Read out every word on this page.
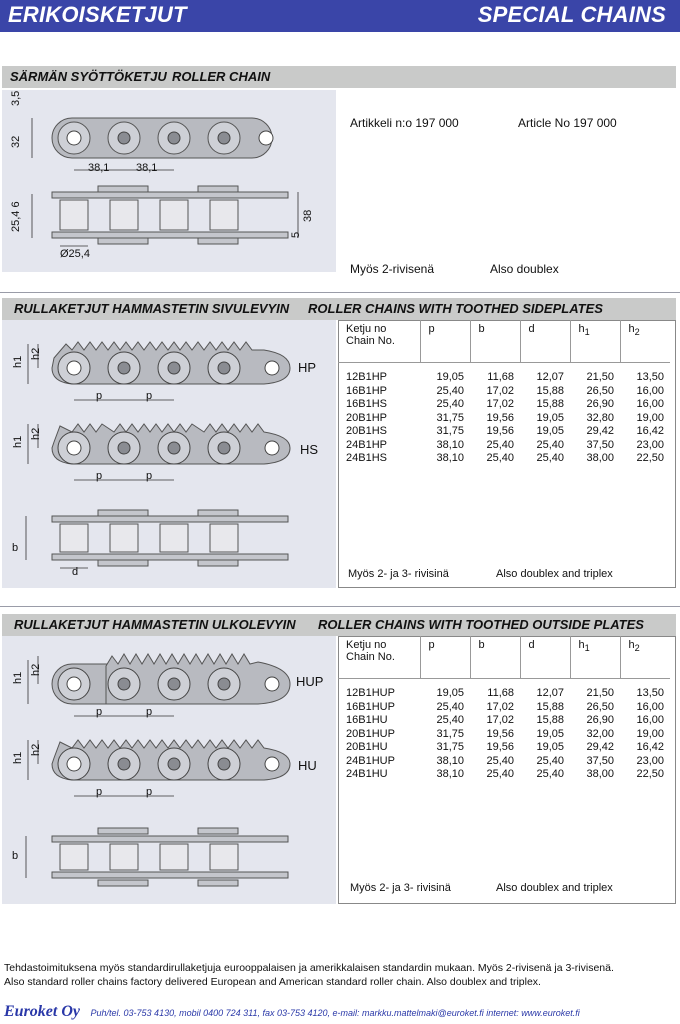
ERIKOISKETJUT	SPECIAL CHAINS
SÄRMÄN SYÖTTÖKETJU ROLLER CHAIN
3,5
32
38,1 38,1
25,4 6	38
5
Ø25,4
Artikkeli n:o 197 000	Article No 197 000
Myös 2-rivisenä	Also doublex
RULLAKETJUT HAMMASTETIN SIVULEVYIN ROLLER CHAINS WITH TOOTHED SIDEPLATES
h1
h2
HP
p	p
h1
h2
HS
p	p
b
d
Ketju no
Chain No.	p	b	d	$h_1$	$h_2$
12B1HP	19,05	11,68	12,07	21,50	13,50
16B1HP	25,40	17,02	15,88	26,50	16,00
16B1HS	25,40	17,02	15,88	26,90	16,00
20B1HP	31,75	19,56	19,05	32,80	19,00
20B1HS	31,75	19,56	19,05	29,42	16,42
24B1HP	38,10	25,40	25,40	37,50	23,00
24B1HS	38,10	25,40	25,40	38,00	22,50
Myös 2- ja 3- rivisinä	Also doublex and triplex
RULLAKETJUT HAMMASTETIN ULKOLEVYIN ROLLER CHAINS WITH TOOTHED OUTSIDE PLATES
h1
h2
HUP
p	p
h1
h2
HU
p	p
b
Ketju no
Chain No.	p	b	d	$h_1$	$h_2$
12B1HUP	19,05	11,68	12,07	21,50	13,50
16B1HUP	25,40	17,02	15,88	26,50	16,00
16B1HU	25,40	17,02	15,88	26,90	16,00
20B1HUP	31,75	19,56	19,05	32,00	19,00
20B1HU	31,75	19,56	19,05	29,42	16,42
24B1HUP	38,10	25,40	25,40	37,50	23,00
24B1HU	38,10	25,40	25,40	38,00	22,50
Myös 2- ja 3- rivisinä	Also doublex and triplex
Tehdastoimituksena myös standardirullaketjuja eurooppalaisen ja amerikkalaisen standardin mukaan. Myös 2-rivisenä ja 3-rivisenä.
Also standard roller chains factory delivered European and American standard roller chain. Also doublex and triplex.
Euroket Oy Puh/tel. 03-753 4130, mobil 0400 724 311, fax 03-753 4120, e-mail: markku.mattelmaki@euroket.fi internet: www.euroket.fi
